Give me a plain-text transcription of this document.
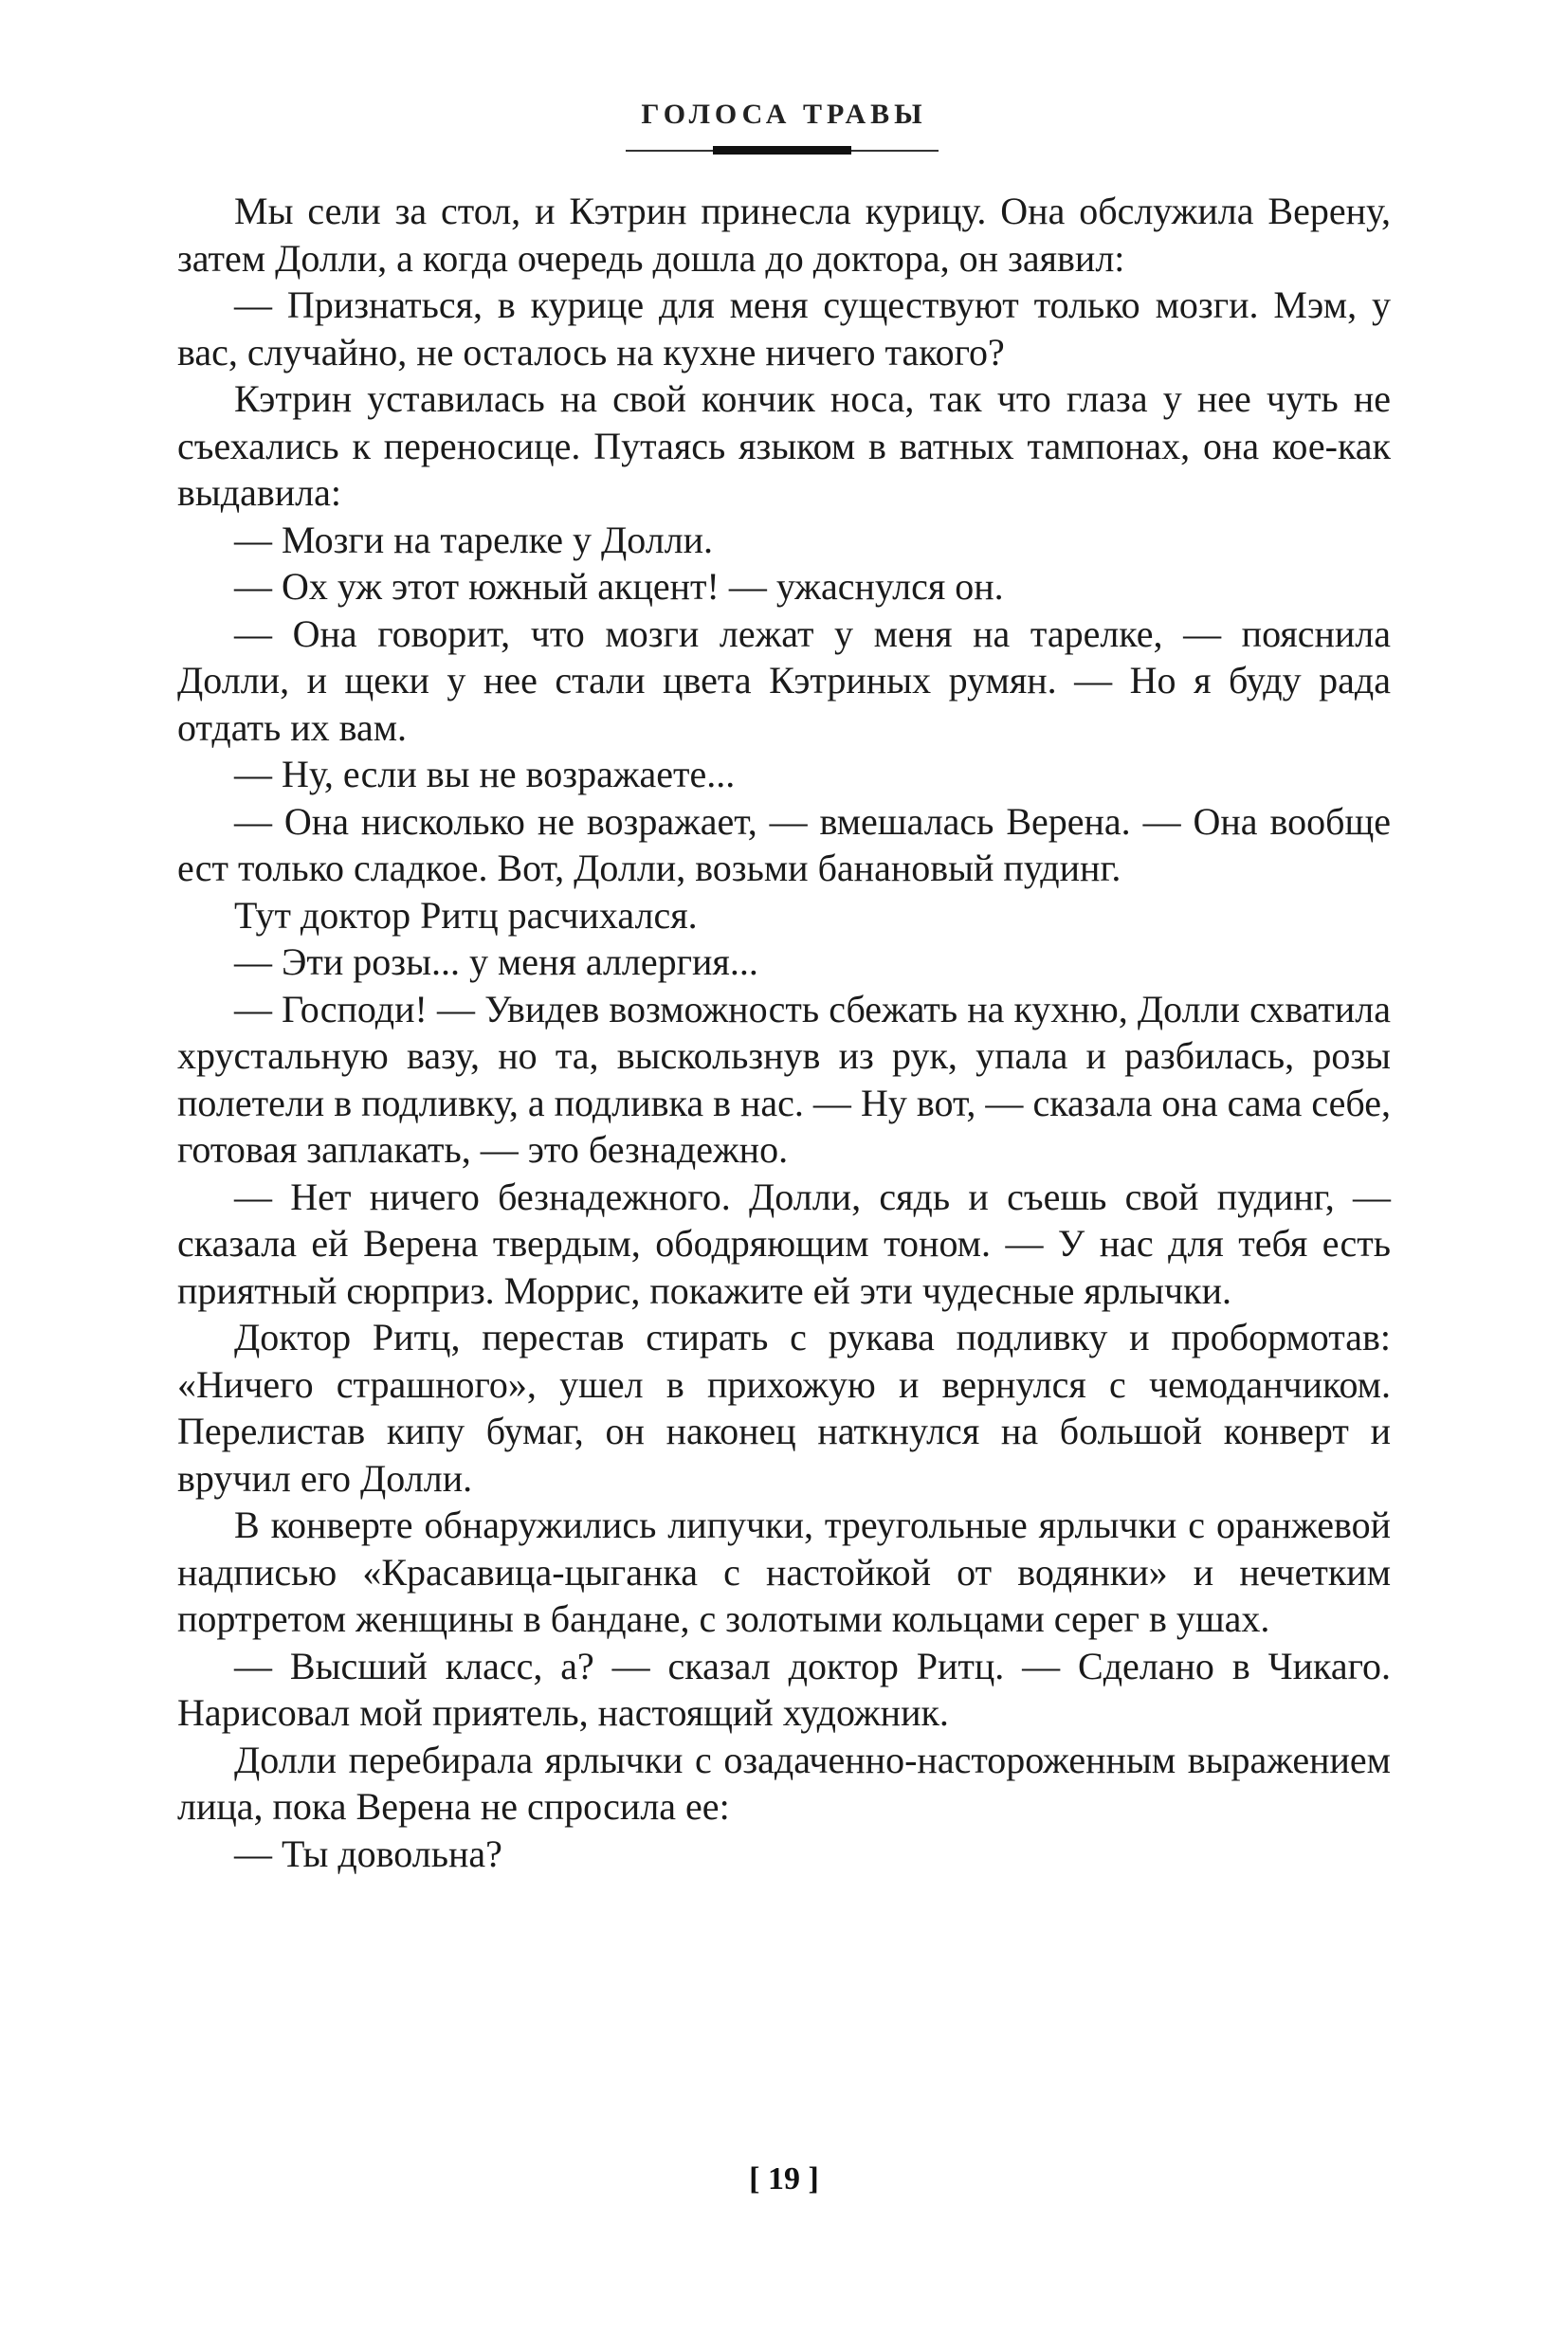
ГОЛОСА ТРАВЫ

Мы сели за стол, и Кэтрин принесла курицу. Она обслужила Верену, затем Долли, а когда очередь дошла до доктора, он заявил:

— Признаться, в курице для меня существуют только мозги. Мэм, у вас, случайно, не осталось на кухне ничего такого?

Кэтрин уставилась на свой кончик носа, так что глаза у нее чуть не съехались к переносице. Путаясь языком в ватных тампонах, она кое-как выдавила:

— Мозги на тарелке у Долли.

— Ох уж этот южный акцент! — ужаснулся он.

— Она говорит, что мозги лежат у меня на тарелке, — пояснила Долли, и щеки у нее стали цвета Кэтриных румян. — Но я буду рада отдать их вам.

— Ну, если вы не возражаете...

— Она нисколько не возражает, — вмешалась Верена. — Она вообще ест только сладкое. Вот, Долли, возьми банановый пудинг.

Тут доктор Ритц расчихался.

— Эти розы... у меня аллергия...

— Господи! — Увидев возможность сбежать на кухню, Долли схватила хрустальную вазу, но та, выскользнув из рук, упала и разбилась, розы полетели в подливку, а подливка в нас. — Ну вот, — сказала она сама себе, готовая заплакать, — это безнадежно.

— Нет ничего безнадежного. Долли, сядь и съешь свой пудинг, — сказала ей Верена твердым, ободряющим тоном. — У нас для тебя есть приятный сюрприз. Моррис, покажите ей эти чудесные ярлычки.

Доктор Ритц, перестав стирать с рукава подливку и пробормотав: «Ничего страшного», ушел в прихожую и вернулся с чемоданчиком. Перелистав кипу бумаг, он наконец наткнулся на большой конверт и вручил его Долли.

В конверте обнаружились липучки, треугольные ярлычки с оранжевой надписью «Красавица-цыганка с настойкой от водянки» и нечетким портретом женщины в бандане, с золотыми кольцами серег в ушах.

— Высший класс, а? — сказал доктор Ритц. — Сделано в Чикаго. Нарисовал мой приятель, настоящий художник.

Долли перебирала ярлычки с озадаченно-настороженным выражением лица, пока Верена не спросила ее:

— Ты довольна?

[ 19 ]
